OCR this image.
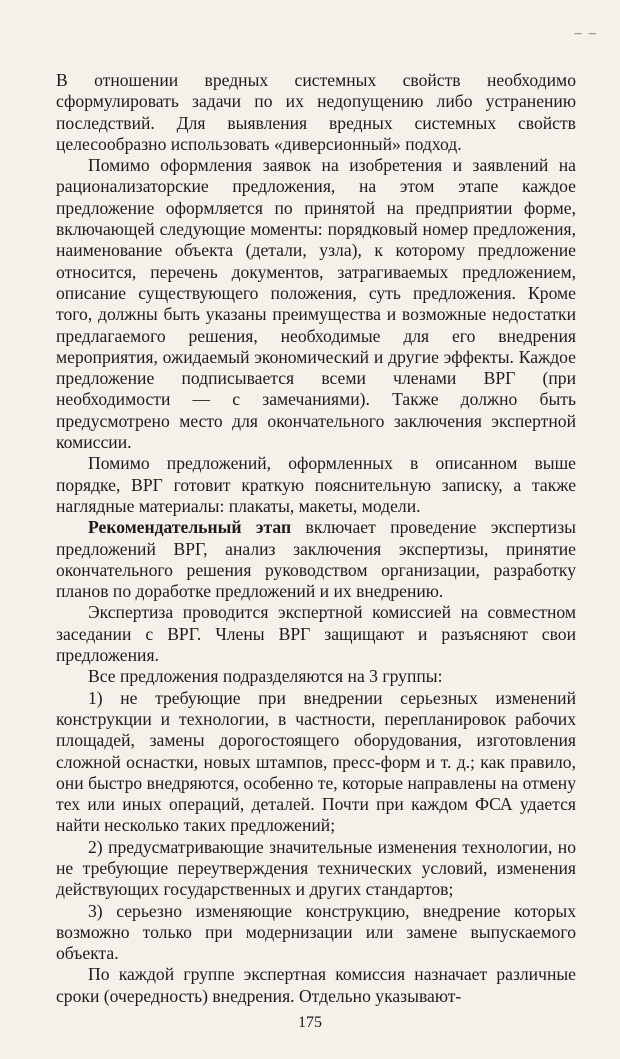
– –

В отношении вредных системных свойств необходимо сформулировать задачи по их недопущению либо устранению последствий. Для выявления вредных системных свойств целесообразно использовать «диверсионный» подход.

Помимо оформления заявок на изобретения и заявлений на рационализаторские предложения, на этом этапе каждое предложение оформляется по принятой на предприятии форме, включающей следующие моменты: порядковый номер предложения, наименование объекта (детали, узла), к которому предложение относится, перечень документов, затрагиваемых предложением, описание существующего положения, суть предложения. Кроме того, должны быть указаны преимущества и возможные недостатки предлагаемого решения, необходимые для его внедрения мероприятия, ожидаемый экономический и другие эффекты. Каждое предложение подписывается всеми членами ВРГ (при необходимости — с замечаниями). Также должно быть предусмотрено место для окончательного заключения экспертной комиссии.

Помимо предложений, оформленных в описанном выше порядке, ВРГ готовит краткую пояснительную записку, а также наглядные материалы: плакаты, макеты, модели.

Рекомендательный этап включает проведение экспертизы предложений ВРГ, анализ заключения экспертизы, принятие окончательного решения руководством организации, разработку планов по доработке предложений и их внедрению.

Экспертиза проводится экспертной комиссией на совместном заседании с ВРГ. Члены ВРГ защищают и разъясняют свои предложения.

Все предложения подразделяются на 3 группы:

1) не требующие при внедрении серьезных изменений конструкции и технологии, в частности, перепланировок рабочих площадей, замены дорогостоящего оборудования, изготовления сложной оснастки, новых штампов, пресс-форм и т. д.; как правило, они быстро внедряются, особенно те, которые направлены на отмену тех или иных операций, деталей. Почти при каждом ФСА удается найти несколько таких предложений;

2) предусматривающие значительные изменения технологии, но не требующие переутверждения технических условий, изменения действующих государственных и других стандартов;

3) серьезно изменяющие конструкцию, внедрение которых возможно только при модернизации или замене выпускаемого объекта.

По каждой группе экспертная комиссия назначает различные сроки (очередность) внедрения. Отдельно указывают-

175
